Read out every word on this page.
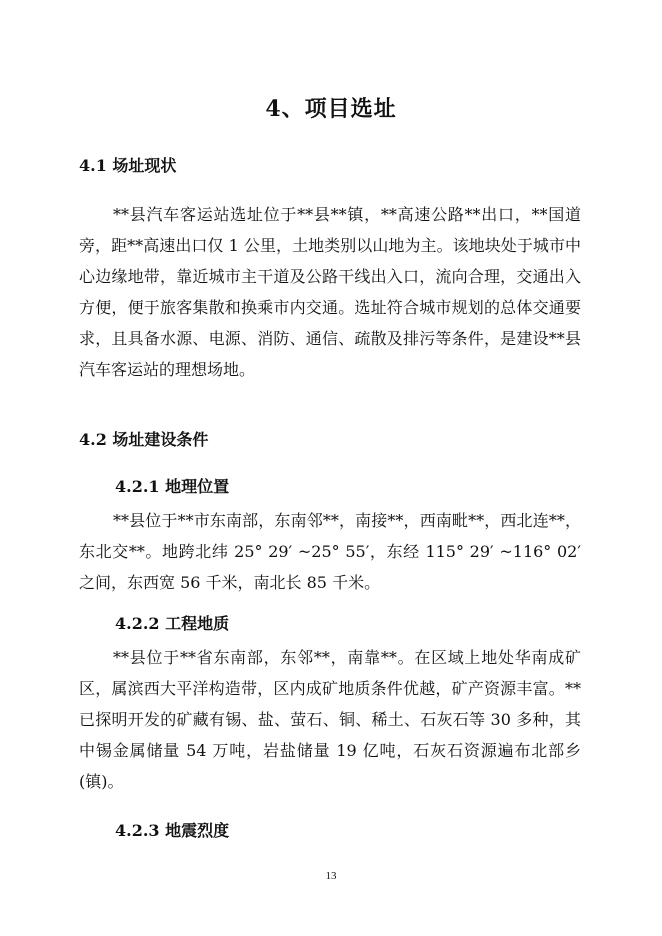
4、项目选址
4.1 场址现状
**县汽车客运站选址位于**县**镇，**高速公路**出口，**国道旁，距**高速出口仅 1 公里，土地类别以山地为主。该地块处于城市中心边缘地带，靠近城市主干道及公路干线出入口，流向合理，交通出入方便，便于旅客集散和换乘市内交通。选址符合城市规划的总体交通要求，且具备水源、电源、消防、通信、疏散及排污等条件，是建设**县汽车客运站的理想场地。
4.2 场址建设条件
4.2.1 地理位置
**县位于**市东南部，东南邻**，南接**，西南毗**，西北连**，东北交**。地跨北纬 25° 29′ ~25° 55′，东经 115° 29′ ~116° 02′ 之间，东西宽 56 千米，南北长 85 千米。
4.2.2 工程地质
**县位于**省东南部，东邻**，南靠**。在区域上地处华南成矿区，属滨西大平洋构造带，区内成矿地质条件优越，矿产资源丰富。**已探明开发的矿藏有锡、盐、萤石、铜、稀土、石灰石等 30 多种，其中锡金属储量 54 万吨，岩盐储量 19 亿吨，石灰石资源遍布北部乡(镇)。
4.2.3 地震烈度
13
